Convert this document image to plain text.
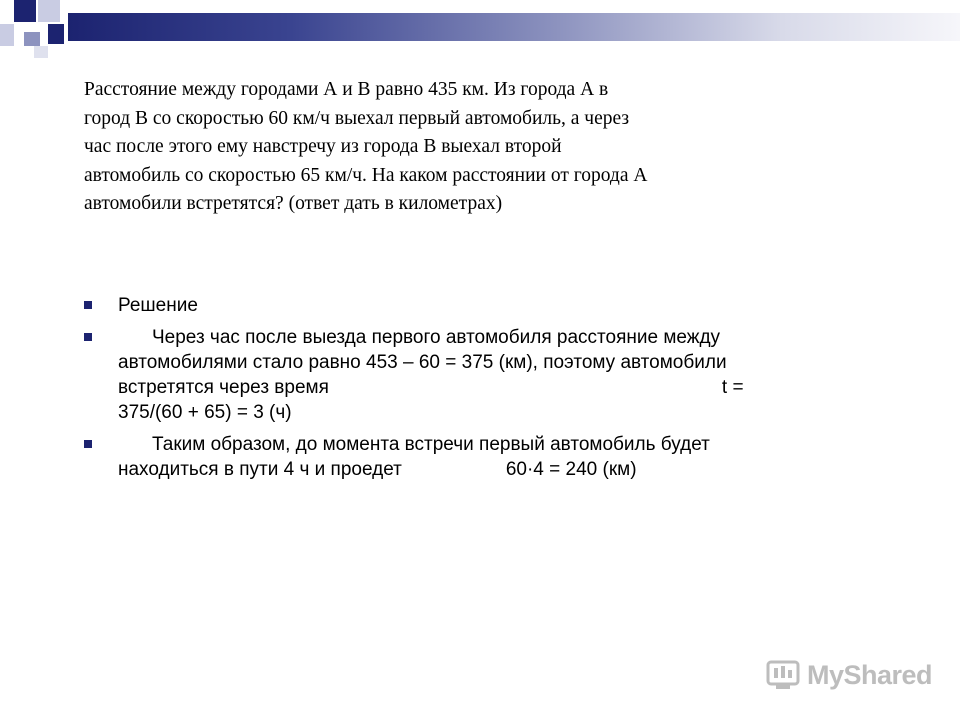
Расстояние между городами А и В равно 435 км. Из города А в
город В со скоростью 60 км/ч выехал первый автомобиль, а через
час после этого ему навстречу из города В выехал второй
автомобиль со скоростью 65 км/ч. На каком расстоянии от города А
автомобили встретятся? (ответ дать в километрах)

Решение
Через час после выезда первого автомобиля расстояние между
автомобилями стало равно 453 – 60 = 375 (км), поэтому автомобили
встретятся через время	t =
375/(60 + 65) = 3 (ч)
Таким образом, до момента встречи первый автомобиль будет
находиться в пути 4 ч и проедет	60·4 = 240 (км)
MyShared
